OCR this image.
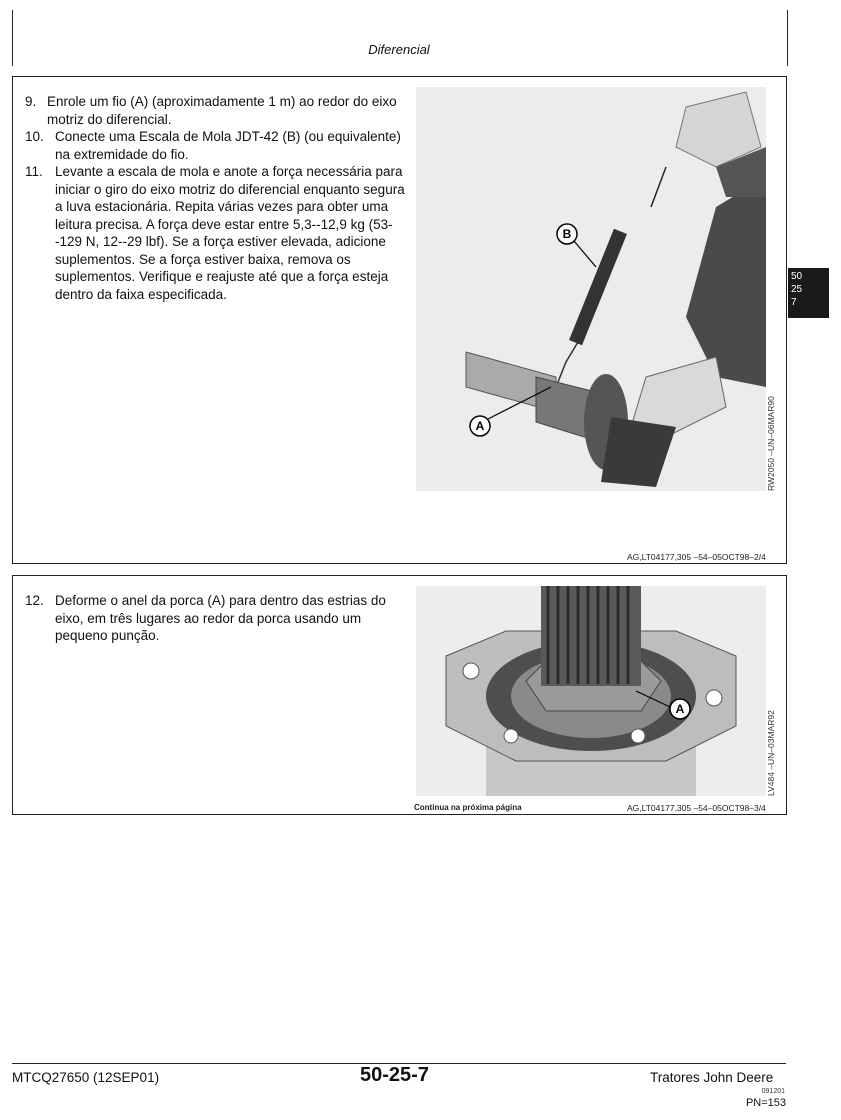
Diferencial
9. Enrole um fio (A) (aproximadamente 1 m) ao redor do eixo motriz do diferencial.
10. Conecte uma Escala de Mola JDT-42 (B) (ou equivalente) na extremidade do fio.
11. Levante a escala de mola e anote a força necessária para iniciar o giro do eixo motriz do diferencial enquanto segura a luva estacionária. Repita várias vezes para obter uma leitura precisa. A força deve estar entre 5,3--12,9 kg (53--129 N, 12--29 lbf). Se a força estiver elevada, adicione suplementos. Se a força estiver baixa, remova os suplementos. Verifique e reajuste até que a força esteja dentro da faixa especificada.
B
A	RW2050 –UN–06MAR90
AG,LT04177,305 –54–05OCT98–2/4
50
25
7
12. Deforme o anel da porca (A) para dentro das estrias do eixo, em três lugares ao redor da porca usando um pequeno punção.
A
LV484 –UN–03MAR92
Continua na próxima página	AG,LT04177,305 –54–05OCT98–3/4
MTCQ27650 (12SEP01)	50-25-7	Tratores John Deere
091201
PN=153
